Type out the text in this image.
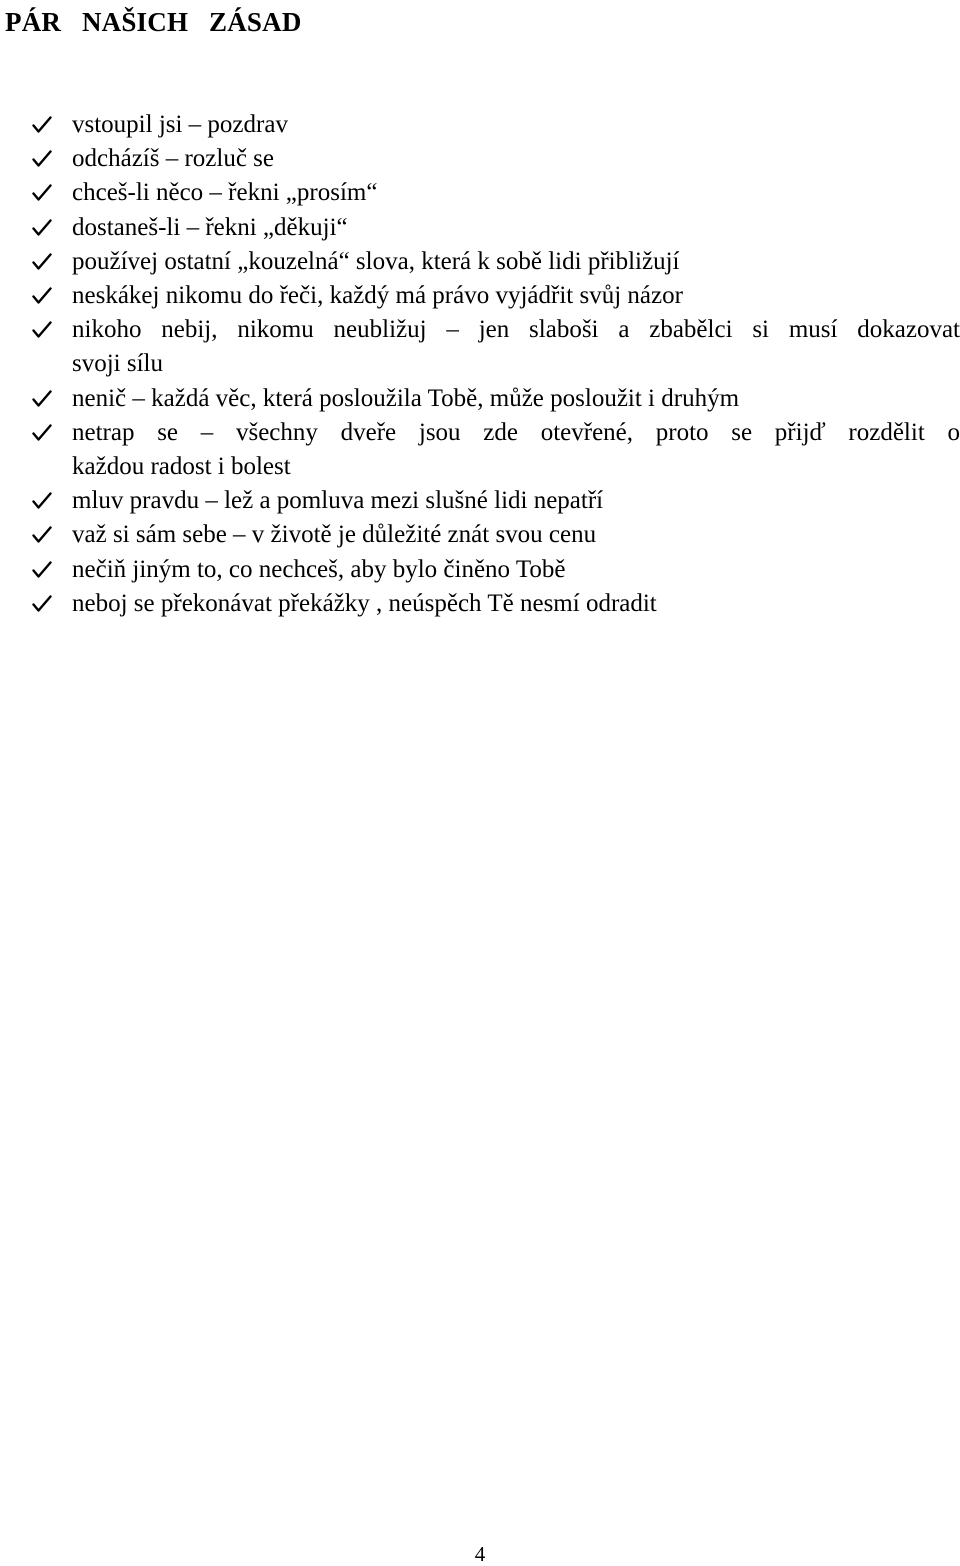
PÁR   NAŠICH   ZÁSAD
vstoupil jsi – pozdrav
odcházíš – rozluč se
chceš-li něco – řekni „prosím“
dostaneš-li – řekni „děkuji“
používej ostatní „kouzelná“ slova, která k sobě lidi přibližují
neskákej nikomu do řeči, každý má právo vyjádřit svůj názor
nikoho nebij, nikomu neubližuj – jen slaboši a zbabělci si musí dokazovat
svoji sílu
nenič – každá věc, která posloužila Tobě, může posloužit i druhým
netrap se – všechny dveře jsou zde otevřené, proto se přijď rozdělit o
každou radost i bolest
mluv pravdu – lež a pomluva mezi slušné lidi nepatří
važ si sám sebe – v životě je důležité znát svou cenu
nečiň jiným to, co nechceš, aby bylo činěno Tobě
neboj se překonávat překážky , neúspěch Tě nesmí odradit

4
